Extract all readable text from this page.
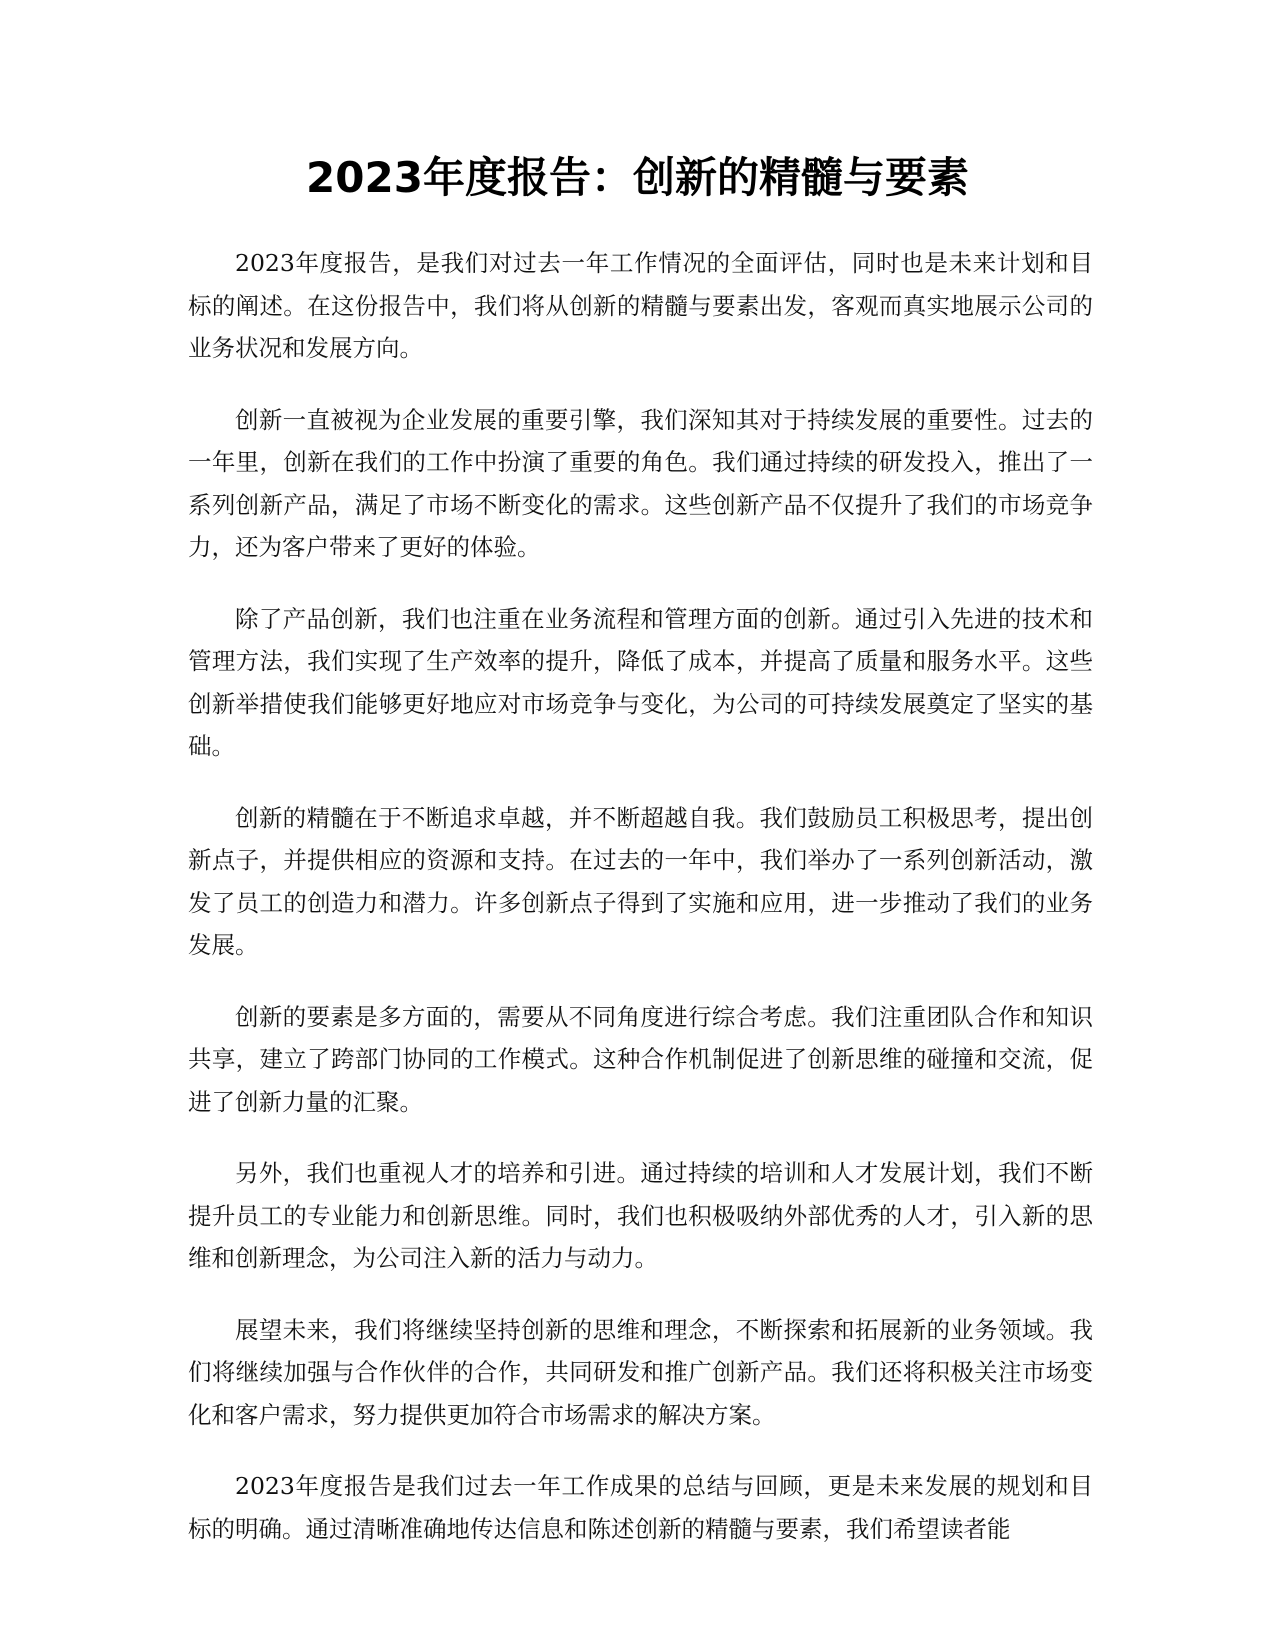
2023年度报告：创新的精髓与要素

2023年度报告，是我们对过去一年工作情况的全面评估，同时也是未来计划和目标的阐述。在这份报告中，我们将从创新的精髓与要素出发，客观而真实地展示公司的业务状况和发展方向。

创新一直被视为企业发展的重要引擎，我们深知其对于持续发展的重要性。过去的一年里，创新在我们的工作中扮演了重要的角色。我们通过持续的研发投入，推出了一系列创新产品，满足了市场不断变化的需求。这些创新产品不仅提升了我们的市场竞争力，还为客户带来了更好的体验。

除了产品创新，我们也注重在业务流程和管理方面的创新。通过引入先进的技术和管理方法，我们实现了生产效率的提升，降低了成本，并提高了质量和服务水平。这些创新举措使我们能够更好地应对市场竞争与变化，为公司的可持续发展奠定了坚实的基础。

创新的精髓在于不断追求卓越，并不断超越自我。我们鼓励员工积极思考，提出创新点子，并提供相应的资源和支持。在过去的一年中，我们举办了一系列创新活动，激发了员工的创造力和潜力。许多创新点子得到了实施和应用，进一步推动了我们的业务发展。

创新的要素是多方面的，需要从不同角度进行综合考虑。我们注重团队合作和知识共享，建立了跨部门协同的工作模式。这种合作机制促进了创新思维的碰撞和交流，促进了创新力量的汇聚。

另外，我们也重视人才的培养和引进。通过持续的培训和人才发展计划，我们不断提升员工的专业能力和创新思维。同时，我们也积极吸纳外部优秀的人才，引入新的思维和创新理念，为公司注入新的活力与动力。

展望未来，我们将继续坚持创新的思维和理念，不断探索和拓展新的业务领域。我们将继续加强与合作伙伴的合作，共同研发和推广创新产品。我们还将积极关注市场变化和客户需求，努力提供更加符合市场需求的解决方案。

2023年度报告是我们过去一年工作成果的总结与回顾，更是未来发展的规划和目标的明确。通过清晰准确地传达信息和陈述创新的精髓与要素，我们希望读者能
